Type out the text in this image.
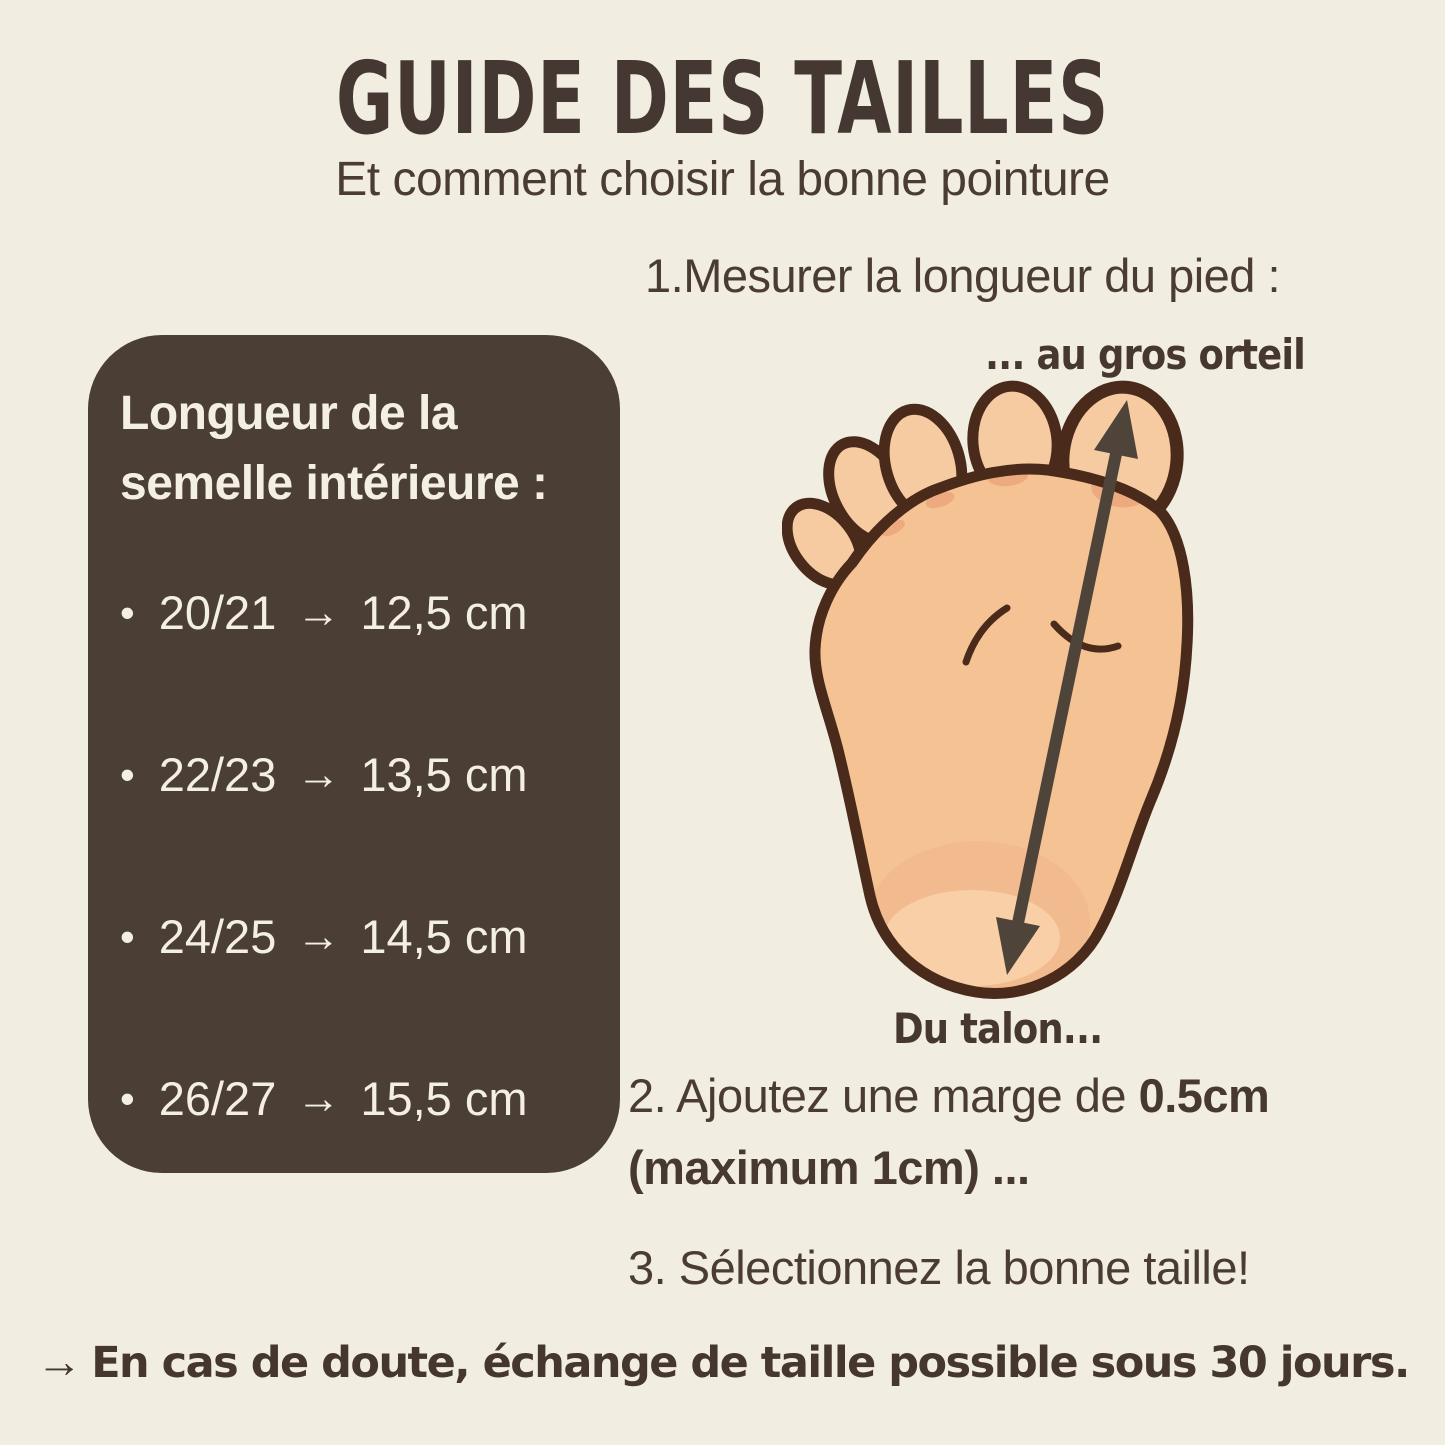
GUIDE DES TAILLES

Et comment choisir la bonne pointure

Longueur de la
semelle intérieure :
• 20/21 → 12,5 cm
• 22/23 → 13,5 cm
• 24/25 → 14,5 cm
• 26/27 → 15,5 cm

1.Mesurer la longueur du pied :

... au gros orteil

Du talon...

2. Ajoutez une marge de 0.5cm
(maximum 1cm) ...

3. Sélectionnez la bonne taille!

→ En cas de doute, échange de taille possible sous 30 jours.
